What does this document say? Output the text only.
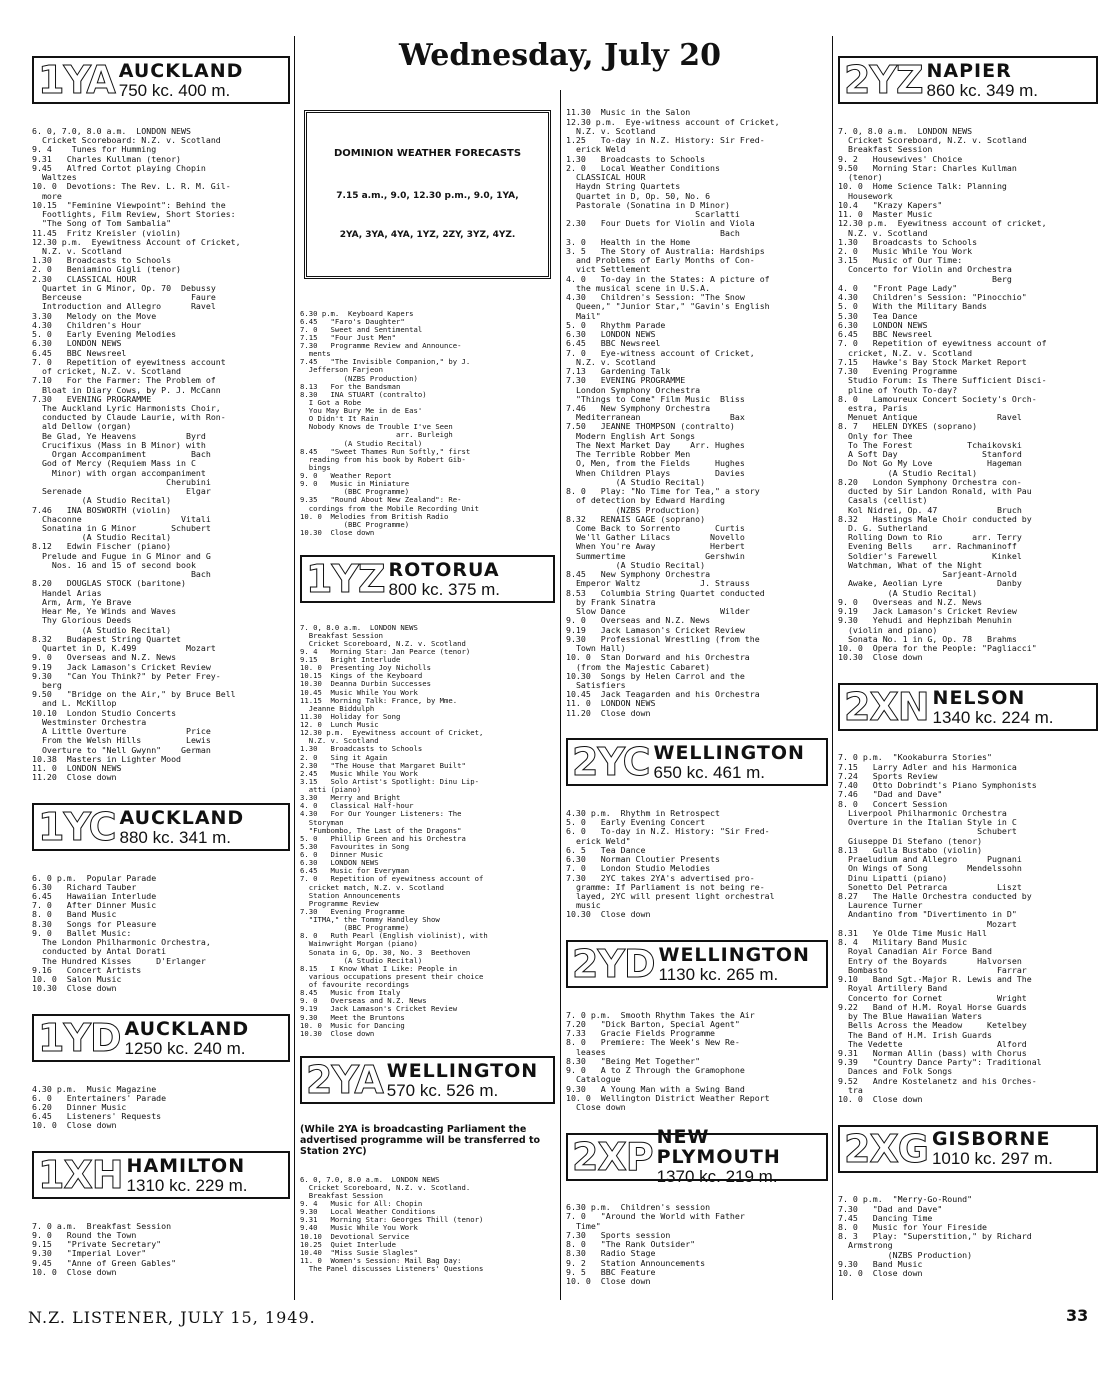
Wednesday, July 20

1YA AUCKLAND
750 kc. 400 m.

6. 0, 7.0, 8.0 a.m.  LONDON NEWS
Cricket Scoreboard: N.Z. v. Scotland
9. 4    Tunes for Humming
9.31   Charles Kullman (tenor)
9.45   Alfred Cortot playing Chopin
Waltzes
10. 0  Devotions: The Rev. L. R. M. Gil-
more
10.15  "Feminine Viewpoint": Behind the
Footlights, Film Review, Short Stories:
"The Song of Tom Sambalia"
11.45  Fritz Kreisler (violin)
12.30 p.m.  Eyewitness Account of Cricket,
N.Z. v. Scotland
1.30   Broadcasts to Schools
2. 0   Beniamino Gigli (tenor)
2.30   CLASSICAL HOUR
Quartet in G Minor, Op. 70  Debussy
Berceuse                      Faure
Introduction and Allegro      Ravel
3.30   Melody on the Move
4.30   Children's Hour
5. 0   Early Evening Melodies
6.30   LONDON NEWS
6.45   BBC Newsreel
7. 0   Repetition of eyewitness account
of cricket, N.Z. v. Scotland
7.10   For the Farmer: The Problem of
Bloat in Diary Cows, by P. J. McCann
7.30   EVENING PROGRAMME
The Auckland Lyric Harmonists Choir,
conducted by Claude Laurie, with Ron-
ald Dellow (organ)
Be Glad, Ye Heavens          Byrd
Crucifixus (Mass in B Minor) with
Organ Accompaniment         Bach
God of Mercy (Requiem Mass in C
Minor) with organ accompaniment
Cherubini
Serenade                     Elgar
(A Studio Recital)
7.46   INA BOSWORTH (violin)
Chaconne                    Vitali
Sonatina in G Minor       Schubert
(A Studio Recital)
8.12   Edwin Fischer (piano)
Prelude and Fugue in G Minor and G
Nos. 16 and 15 of second book
Bach
8.20   DOUGLAS STOCK (baritone)
Handel Arias
Arm, Arm, Ye Brave
Hear Me, Ye Winds and Waves
Thy Glorious Deeds
(A Studio Recital)
8.32   Budapest String Quartet
Quartet in D, K.499          Mozart
9. 0   Overseas and N.Z. News
9.19   Jack Lamason's Cricket Review
9.30   "Can You Think?" by Peter Frey-
berg
9.50   "Bridge on the Air," by Bruce Bell
and L. McKillop
10.10  London Studio Concerts
Westminster Orchestra
A Little Overture            Price
From the Welsh Hills         Lewis
Overture to "Nell Gwynn"    German
10.38  Masters in Lighter Mood
11. 0  LONDON NEWS
11.20  Close down

1YC AUCKLAND
880 kc. 341 m.

6. 0 p.m.  Popular Parade
6.30   Richard Tauber
6.45   Hawaiian Interlude
7. 0   After Dinner Music
8. 0   Band Music
8.30   Songs for Pleasure
9. 0   Ballet Music:
The London Philharmonic Orchestra,
conducted by Antal Dorati
The Hundred Kisses     D'Erlanger
9.16   Concert Artists
10. 0  Salon Music
10.30  Close down

1YD AUCKLAND
1250 kc. 240 m.

4.30 p.m.  Music Magazine
6. 0   Entertainers' Parade
6.20   Dinner Music
6.45   Listeners' Requests
10. 0  Close down

1XH HAMILTON
1310 kc. 229 m.

7. 0 a.m.  Breakfast Session
9. 0   Round the Town
9.15   "Private Secretary"
9.30   "Imperial Lover"
9.45   "Anne of Green Gables"
10. 0  Close down

DOMINION WEATHER FORECASTS

7.15 a.m., 9.0, 12.30 p.m., 9.0, 1YA,

2YA, 3YA, 4YA, 1YZ, 2ZY, 3YZ, 4YZ.

6.30 p.m.  Keyboard Kapers
6.45   "Faro's Daughter"
7. 0   Sweet and Sentimental
7.15   "Four Just Men"
7.30   Programme Review and Announce-
ments
7.45   "The Invisible Companion," by J.
Jefferson Farjeon
(NZBS Production)
8.13   For the Bandsman
8.30   INA STUART (contralto)
I Got a Robe
You May Bury Me in de Eas'
O Didn't It Rain
Nobody Knows de Trouble I've Seen
arr. Burleigh
(A Studio Recital)
8.45   "Sweet Thames Run Softly," first
reading from his book by Robert Gib-
bings
9. 0   Weather Report
9. 0   Music in Miniature
(BBC Programme)
9.35   "Round About New Zealand": Re-
cordings from the Mobile Recording Unit
10. 0  Melodies from British Radio
(BBC Programme)
10.30  Close down

1YZ ROTORUA
800 kc. 375 m.

7. 0, 8.0 a.m.  LONDON NEWS
Breakfast Session
Cricket Scoreboard, N.Z. v. Scotland
9. 4   Morning Star: Jan Pearce (tenor)
9.15   Bright Interlude
10. 0  Presenting Joy Nicholls
10.15  Kings of the Keyboard
10.30  Deanna Durbin Successes
10.45  Music While You Work
11.15  Morning Talk: France, by Mme.
Jeanne Biddulph
11.30  Holiday for Song
12. 0  Lunch Music
12.30 p.m.  Eyewitness account of Cricket,
N.Z. v. Scotland
1.30   Broadcasts to Schools
2. 0   Sing it Again
2.30   "The House that Margaret Built"
2.45   Music While You Work
3.15   Solo Artist's Spotlight: Dinu Lip-
atti (piano)
3.30   Merry and Bright
4. 0   Classical Half-hour
4.30   For Our Younger Listeners: The
Storyman
"Fumbombo, The Last of the Dragons"
5. 0   Phillip Green and his Orchestra
5.30   Favourites in Song
6. 0   Dinner Music
6.30   LONDON NEWS
6.45   Music for Everyman
7. 0   Repetition of eyewitness account of
cricket match, N.Z. v. Scotland
Station Announcements
Programme Review
7.30   Evening Programme
"ITMA," the Tommy Handley Show
(BBC Programme)
8. 0   Ruth Pearl (English violinist), with
Wainwright Morgan (piano)
Sonata in G, Op. 30, No. 3  Beethoven
(A Studio Recital)
8.15   I Know What I Like: People in
various occupations present their choice
of favourite recordings
8.45   Music from Italy
9. 0   Overseas and N.Z. News
9.19   Jack Lamason's Cricket Review
9.30   Meet the Bruntons
10. 0  Music for Dancing
10.30  Close down

2YA WELLINGTON
570 kc. 526 m.

(While 2YA is broadcasting Parliament the advertised programme will be transferred to Station 2YC)

6. 0, 7.0, 8.0 a.m.  LONDON NEWS
Cricket Scoreboard, N.Z. v. Scotland.
Breakfast Session
9. 4   Music for All: Chopin
9.30   Local Weather Conditions
9.31   Morning Star: Georges Thill (tenor)
9.40   Music While You Work
10.10  Devotional Service
10.25  Quiet Interlude
10.40  "Miss Susie Slagles"
11. 0  Women's Session: Mail Bag Day:
The Panel discusses Listeners' Questions

11.30  Music in the Salon
12.30 p.m.  Eye-witness account of Cricket,
N.Z. v. Scotland
1.25   To-day in N.Z. History: Sir Fred-
erick Weld
1.30   Broadcasts to Schools
2. 0   Local Weather Conditions
CLASSICAL HOUR
Haydn String Quartets
Quartet in D, Op. 50, No. 6
Pastorale (Sonatina in D Minor)
Scarlatti
2.30   Four Duets for Violin and Viola
Bach
3. 0   Health in the Home
3. 5   The Story of Australia: Hardships
and Problems of Early Months of Con-
vict Settlement
4. 0   To-day in the States: A picture of
the musical scene in U.S.A.
4.30   Children's Session: "The Snow
Queen," "Junior Star," "Gavin's English
Mail"
5. 0   Rhythm Parade
6.30   LONDON NEWS
6.45   BBC Newsreel
7. 0   Eye-witness account of Cricket,
N.Z. v. Scotland
7.13   Gardening Talk
7.30   EVENING PROGRAMME
London Symphony Orchestra
"Things to Come" Film Music  Bliss
7.46   New Symphony Orchestra
Mediterranean                  Bax
7.50   JEANNE THOMPSON (contralto)
Modern English Art Songs
The Next Market Day    Arr. Hughes
The Terrible Robber Men
O, Men, from the Fields     Hughes
When Children Plays         Davies
(A Studio Recital)
8. 0   Play: "No Time for Tea," a story
of detection by Edward Harding
(NZBS Production)
8.32   RENAIS GAGE (soprano)
Come Back to Sorrento       Curtis
We'll Gather Lilacs        Novello
When You're Away           Herbert
Summertime                Gershwin
(A Studio Recital)
8.45   New Symphony Orchestra
Emperor Waltz            J. Strauss
8.53   Columbia String Quartet conducted
by Frank Sinatra
Slow Dance                   Wilder
9. 0   Overseas and N.Z. News
9.19   Jack Lamason's Cricket Review
9.30   Professional Wrestling (from the
Town Hall)
10. 0  Stan Dorward and his Orchestra
(from the Majestic Cabaret)
10.30  Songs by Helen Carrol and the
Satisfiers
10.45  Jack Teagarden and his Orchestra
11. 0  LONDON NEWS
11.20  Close down

2YC WELLINGTON
650 kc. 461 m.

4.30 p.m.  Rhythm in Retrospect
5. 0   Early Evening Concert
6. 0   To-day in N.Z. History: "Sir Fred-
erick Weld"
6. 5   Tea Dance
6.30   Norman Cloutier Presents
7. 0   London Studio Melodies
7.30   2YC takes 2YA's advertised pro-
gramme: If Parliament is not being re-
layed, 2YC will present light orchestral
music
10.30  Close down

2YD WELLINGTON
1130 kc. 265 m.

7. 0 p.m.  Smooth Rhythm Takes the Air
7.20   "Dick Barton, Special Agent"
7.33   Gracie Fields Programme
8. 0   Premiere: The Week's New Re-
leases
8.30   "Being Met Together"
9. 0   A to Z Through the Gramophone
Catalogue
9.30   A Young Man with a Swing Band
10. 0  Wellington District Weather Report
Close down

2XP NEW PLYMOUTH
1370 kc. 219 m.

6.30 p.m.  Children's session
7. 0   "Around the World with Father
Time"
7.30   Sports session
8. 0   "The Rank Outsider"
8.30   Radio Stage
9. 2   Station Announcements
9. 5   BBC Feature
10. 0  Close down

2YZ NAPIER
860 kc. 349 m.

7. 0, 8.0 a.m.  LONDON NEWS
Cricket Scoreboard, N.Z. v. Scotland
Breakfast Session
9. 2   Housewives' Choice
9.50   Morning Star: Charles Kullman
(tenor)
10. 0  Home Science Talk: Planning
Housework
10.4   "Krazy Kapers"
11. 0  Master Music
12.30 p.m.  Eyewitness account of cricket,
N.Z. v. Scotland
1.30   Broadcasts to Schools
2. 0   Music While You Work
3.15   Music of Our Time:
Concerto for Violin and Orchestra
Berg
4. 0   "Front Page Lady"
4.30   Children's Session: "Pinocchio"
5. 0   With the Military Bands
5.30   Tea Dance
6.30   LONDON NEWS
6.45   BBC Newsreel
7. 0   Repetition of eyewitness account of
cricket, N.Z. v. Scotland
7.15   Hawke's Bay Stock Market Report
7.30   Evening Programme
Studio Forum: Is There Sufficient Disci-
pline of Youth To-day?
8. 0   Lamoureux Concert Society's Orch-
estra, Paris
Menuet Antique                Ravel
8. 7   HELEN DYKES (soprano)
Only for Thee
To The Forest           Tchaikovski
A Soft Day                 Stanford
Do Not Go My Love           Hageman
(A Studio Recital)
8.20   London Symphony Orchestra con-
ducted by Sir Landon Ronald, with Pau
Casals (cellist)
Kol Nidrei, Op. 47            Bruch
8.32   Hastings Male Choir conducted by
D. G. Sutherland
Rolling Down to Rio      arr. Terry
Evening Bells    arr. Rachmaninoff
Soldier's Farewell           Kinkel
Watchman, What of the Night
Sarjeant-Arnold
Awake, Aeolian Lyre           Danby
(A Studio Recital)
9. 0   Overseas and N.Z. News
9.19   Jack Lamason's Cricket Review
9.30   Yehudi and Hephzibah Menuhin
(violin and piano)
Sonata No. 1 in G, Op. 78   Brahms
10. 0  Opera for the People: "Pagliacci"
10.30  Close down

2XN NELSON
1340 kc. 224 m.

7. 0 p.m.  "Kookaburra Stories"
7.15   Larry Adler and his Harmonica
7.24   Sports Review
7.40   Otto Dobrindt's Piano Symphonists
7.46   "Dad and Dave"
8. 0   Concert Session
Liverpool Philharmonic Orchestra
Overture in the Italian Style in C
Schubert
Giuseppe Di Stefano (tenor)
8.13   Gulla Bustabo (violin)
Praeludium and Allegro      Pugnani
On Wings of Song        Mendelssohn
Dinu Lipatti (piano)
Sonetto Del Petrarca          Liszt
8.27   The Halle Orchestra conducted by
Laurence Turner
Andantino from "Divertimento in D"
Mozart
8.31   Ye Olde Time Music Hall
8. 4   Military Band Music
Royal Canadian Air Force Band
Entry of the Boyards      Halvorsen
Bombasto                      Farrar
9.10   Band Sgt.-Major R. Lewis and The
Royal Artillery Band
Concerto for Cornet           Wright
9.22   Band of H.M. Royal Horse Guards
by The Blue Hawaiian Waters
Bells Across the Meadow     Ketelbey
The Band of H.M. Irish Guards
The Vedette                   Alford
9.31   Norman Allin (bass) with Chorus
9.39   "Country Dance Party": Traditional
Dances and Folk Songs
9.52   Andre Kostelanetz and his Orches-
tra
10. 0  Close down

2XG GISBORNE
1010 kc. 297 m.

7. 0 p.m.  "Merry-Go-Round"
7.30   "Dad and Dave"
7.45   Dancing Time
8. 0   Music for Your Fireside
8. 3   Play: "Superstition," by Richard
Armstrong
(NZBS Production)
9.30   Band Music
10. 0  Close down

N.Z. LISTENER, JULY 15, 1949.	33
